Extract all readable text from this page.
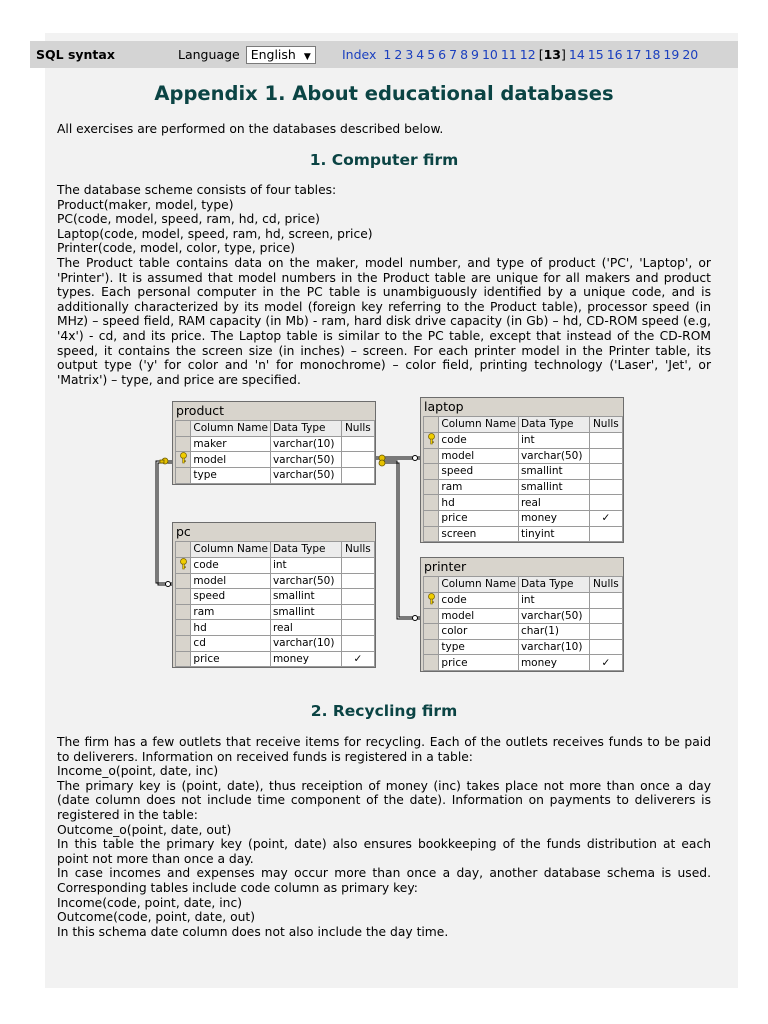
SQL syntax	Language English ▼	Index 1 2 3 4 5 6 7 8 9 10 11 12 [13] 14 15 16 17 18 19 20
Appendix 1. About educational databases

All exercises are performed on the databases described below.

1. Computer firm
The database scheme consists of four tables:
Product(maker, model, type)
PC(code, model, speed, ram, hd, cd, price)
Laptop(code, model, speed, ram, hd, screen, price)
Printer(code, model, color, type, price)
The Product table contains data on the maker, model number, and type of product ('PC', 'Laptop', or 'Printer'). It is assumed that model numbers in the Product table are unique for all makers and product types. Each personal computer in the PC table is unambiguously identified by a unique code, and is additionally characterized by its model (foreign key referring to the Product table), processor speed (in MHz) – speed field, RAM capacity (in Mb) - ram, hard disk drive capacity (in Gb) – hd, CD-ROM speed (e.g, '4x') - cd, and its price. The Laptop table is similar to the PC table, except that instead of the CD-ROM speed, it contains the screen size (in inches) – screen. For each printer model in the Printer table, its output type ('y' for color and 'n' for monochrome) – color field, printing technology ('Laser', 'Jet', or 'Matrix') – type, and price are specified.
product
	Column Name	Data Type	Nulls
	maker	varchar(10)	
	model	varchar(50)	
	type	varchar(50)	
laptop
	Column Name	Data Type	Nulls
	code	int	
	model	varchar(50)	
	speed	smallint	
	ram	smallint	
	hd	real	
	price	money	✓
	screen	tinyint	
pc
	Column Name	Data Type	Nulls
	code	int	
	model	varchar(50)	
	speed	smallint	
	ram	smallint	
	hd	real	
	cd	varchar(10)	
	price	money	✓
printer
	Column Name	Data Type	Nulls
	code	int	
	model	varchar(50)	
	color	char(1)	
	type	varchar(10)	
	price	money	✓
2. Recycling firm
The firm has a few outlets that receive items for recycling. Each of the outlets receives funds to be paid to deliverers. Information on received funds is registered in a table:
Income_o(point, date, inc)
The primary key is (point, date), thus receiption of money (inc) takes place not more than once a day (date column does not include time component of the date). Information on payments to deliverers is registered in the table:
Outcome_o(point, date, out)
In this table the primary key (point, date) also ensures bookkeeping of the funds distribution at each point not more than once a day.
In case incomes and expenses may occur more than once a day, another database schema is used. Corresponding tables include code column as primary key:
Income(code, point, date, inc)
Outcome(code, point, date, out)
In this schema date column does not also include the day time.
